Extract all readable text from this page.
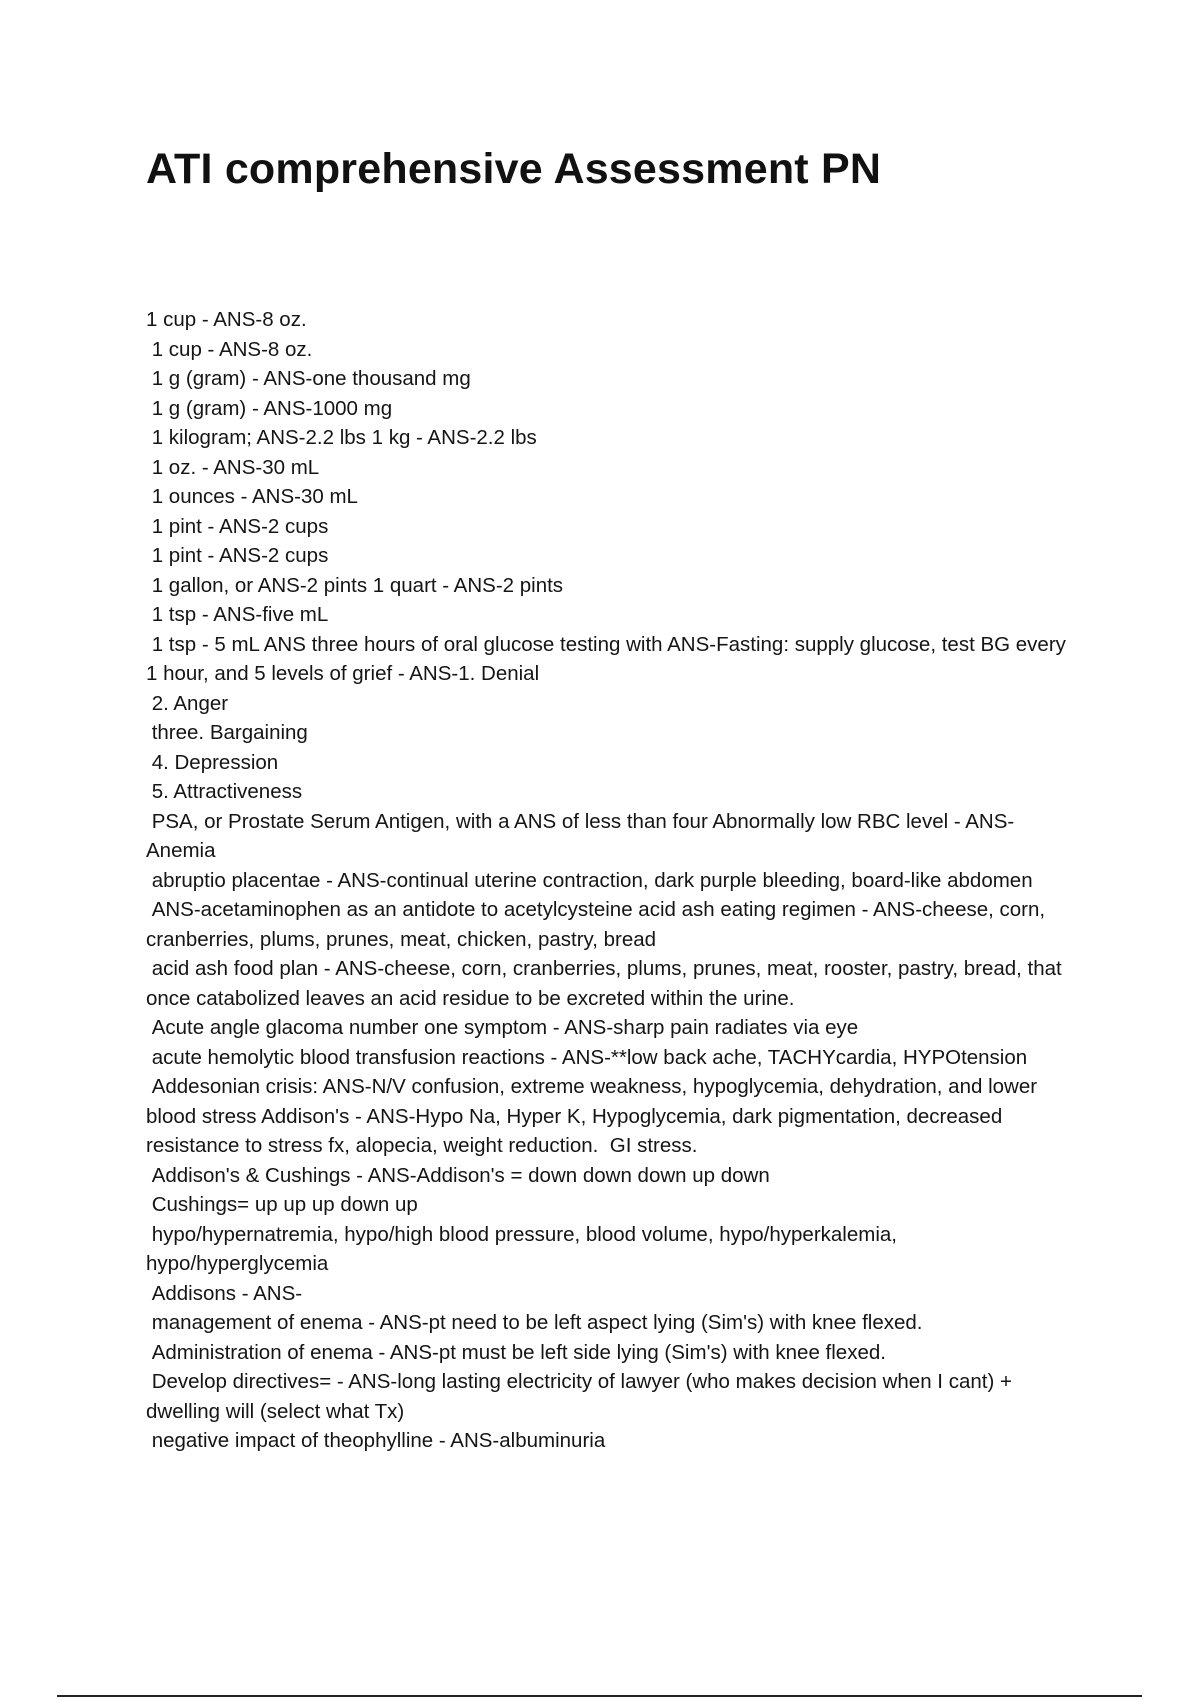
ATI comprehensive Assessment PN
1 cup - ANS-8 oz.
1 cup - ANS-8 oz.
1 g (gram) - ANS-one thousand mg
1 g (gram) - ANS-1000 mg
1 kilogram; ANS-2.2 lbs 1 kg - ANS-2.2 lbs
1 oz. - ANS-30 mL
1 ounces - ANS-30 mL
1 pint - ANS-2 cups
1 pint - ANS-2 cups
1 gallon, or ANS-2 pints 1 quart - ANS-2 pints
1 tsp - ANS-five mL
1 tsp - 5 mL ANS three hours of oral glucose testing with ANS-Fasting: supply glucose, test BG every 1 hour, and 5 levels of grief - ANS-1. Denial
2. Anger
three. Bargaining
4. Depression
5. Attractiveness
PSA, or Prostate Serum Antigen, with a ANS of less than four Abnormally low RBC level - ANS-Anemia
abruptio placentae - ANS-continual uterine contraction, dark purple bleeding, board-like abdomen
ANS-acetaminophen as an antidote to acetylcysteine acid ash eating regimen - ANS-cheese, corn, cranberries, plums, prunes, meat, chicken, pastry, bread
acid ash food plan - ANS-cheese, corn, cranberries, plums, prunes, meat, rooster, pastry, bread, that once catabolized leaves an acid residue to be excreted within the urine.
Acute angle glacoma number one symptom - ANS-sharp pain radiates via eye
acute hemolytic blood transfusion reactions - ANS-**low back ache, TACHYcardia, HYPOtension
Addesonian crisis: ANS-N/V confusion, extreme weakness, hypoglycemia, dehydration, and lower blood stress Addison's - ANS-Hypo Na, Hyper K, Hypoglycemia, dark pigmentation, decreased resistance to stress fx, alopecia, weight reduction.  GI stress.
Addison's & Cushings - ANS-Addison's = down down down up down
Cushings= up up up down up
hypo/hypernatremia, hypo/high blood pressure, blood volume, hypo/hyperkalemia, hypo/hyperglycemia
Addisons - ANS-
management of enema - ANS-pt need to be left aspect lying (Sim's) with knee flexed.
Administration of enema - ANS-pt must be left side lying (Sim's) with knee flexed.
Develop directives= - ANS-long lasting electricity of lawyer (who makes decision when I cant) + dwelling will (select what Tx)
negative impact of theophylline - ANS-albuminuria
